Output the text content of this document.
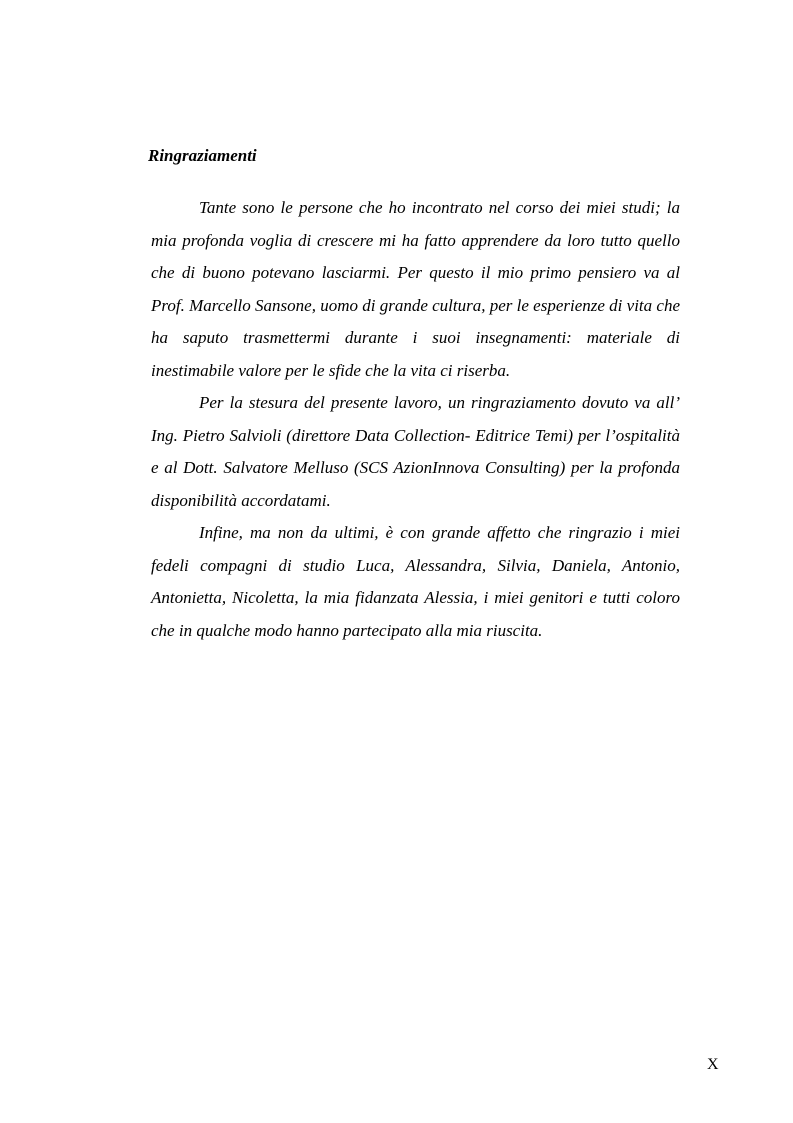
Ringraziamenti

Tante sono le persone che ho incontrato nel corso dei miei studi; la mia profonda voglia di crescere mi ha fatto apprendere da loro tutto quello che di buono potevano lasciarmi. Per questo il mio primo pensiero va al Prof. Marcello Sansone, uomo di grande cultura, per le esperienze di vita che ha saputo trasmettermi durante i suoi insegnamenti: materiale di inestimabile valore per le sfide che la vita ci riserba.

Per la stesura del presente lavoro, un ringraziamento dovuto va all’ Ing. Pietro Salvioli (direttore Data Collection- Editrice Temi) per l’ospitalità e al Dott. Salvatore Melluso (SCS AzionInnova Consulting) per la profonda disponibilità accordatami.

Infine, ma non da ultimi, è con grande affetto che ringrazio i miei fedeli compagni di studio Luca, Alessandra, Silvia, Daniela, Antonio, Antonietta, Nicoletta, la mia fidanzata Alessia, i miei genitori e tutti coloro che in qualche modo hanno partecipato alla mia riuscita.

X
